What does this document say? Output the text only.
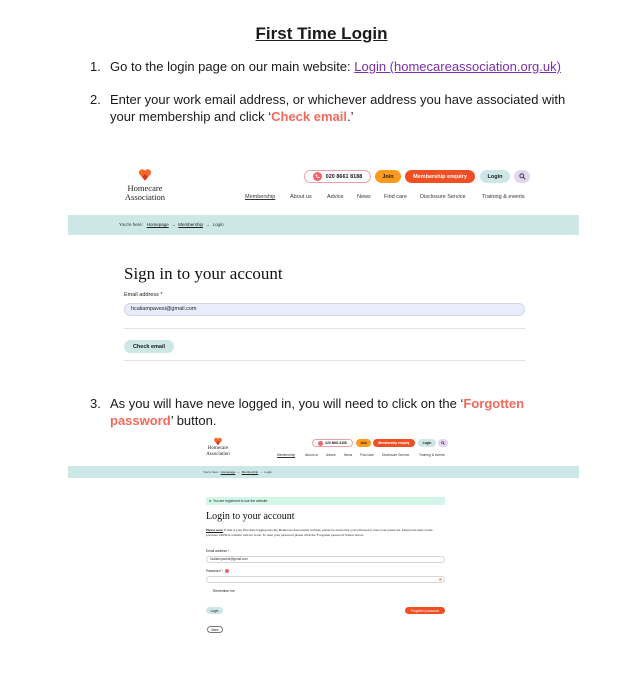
First Time Login
1. Go to the login page on our main website: Login (homecareassociation.org.uk)
2. Enter your work email address, or whichever address you have associated with your membership and click ‘Check email.’
Homecare
Association
020 8661 8188	Join	Membership enquiry	Login
Membership	About us	Advice News Find care Disclosure Service	Training & events
You're here: Homepage → Membership → Login
Sign in to your account
Email address *
hcaliampavesi@gmail.com
Check email
3. As you will have neve logged in, you will need to click on the ‘Forgotten password’ button.
Homecare
Association
020 8661 8188	Join	Membership enquiry	Login
Membership	About us Advice News Find care	Disclosure Service	Training & events
You're here: Homepage → Membership → Login
You are registered to use the website
Login to your account
Please note: If this is your first time logging into the Homecare Association website, please be aware that you will need to reset your password. Passwords used on the previous UKHCA website will not work. To reset your password please click the 'Forgotten password' button below.
Email address *
hcaliampavesi@gmail.com
Password *
Remember me
Login	Forgotten password
Back
